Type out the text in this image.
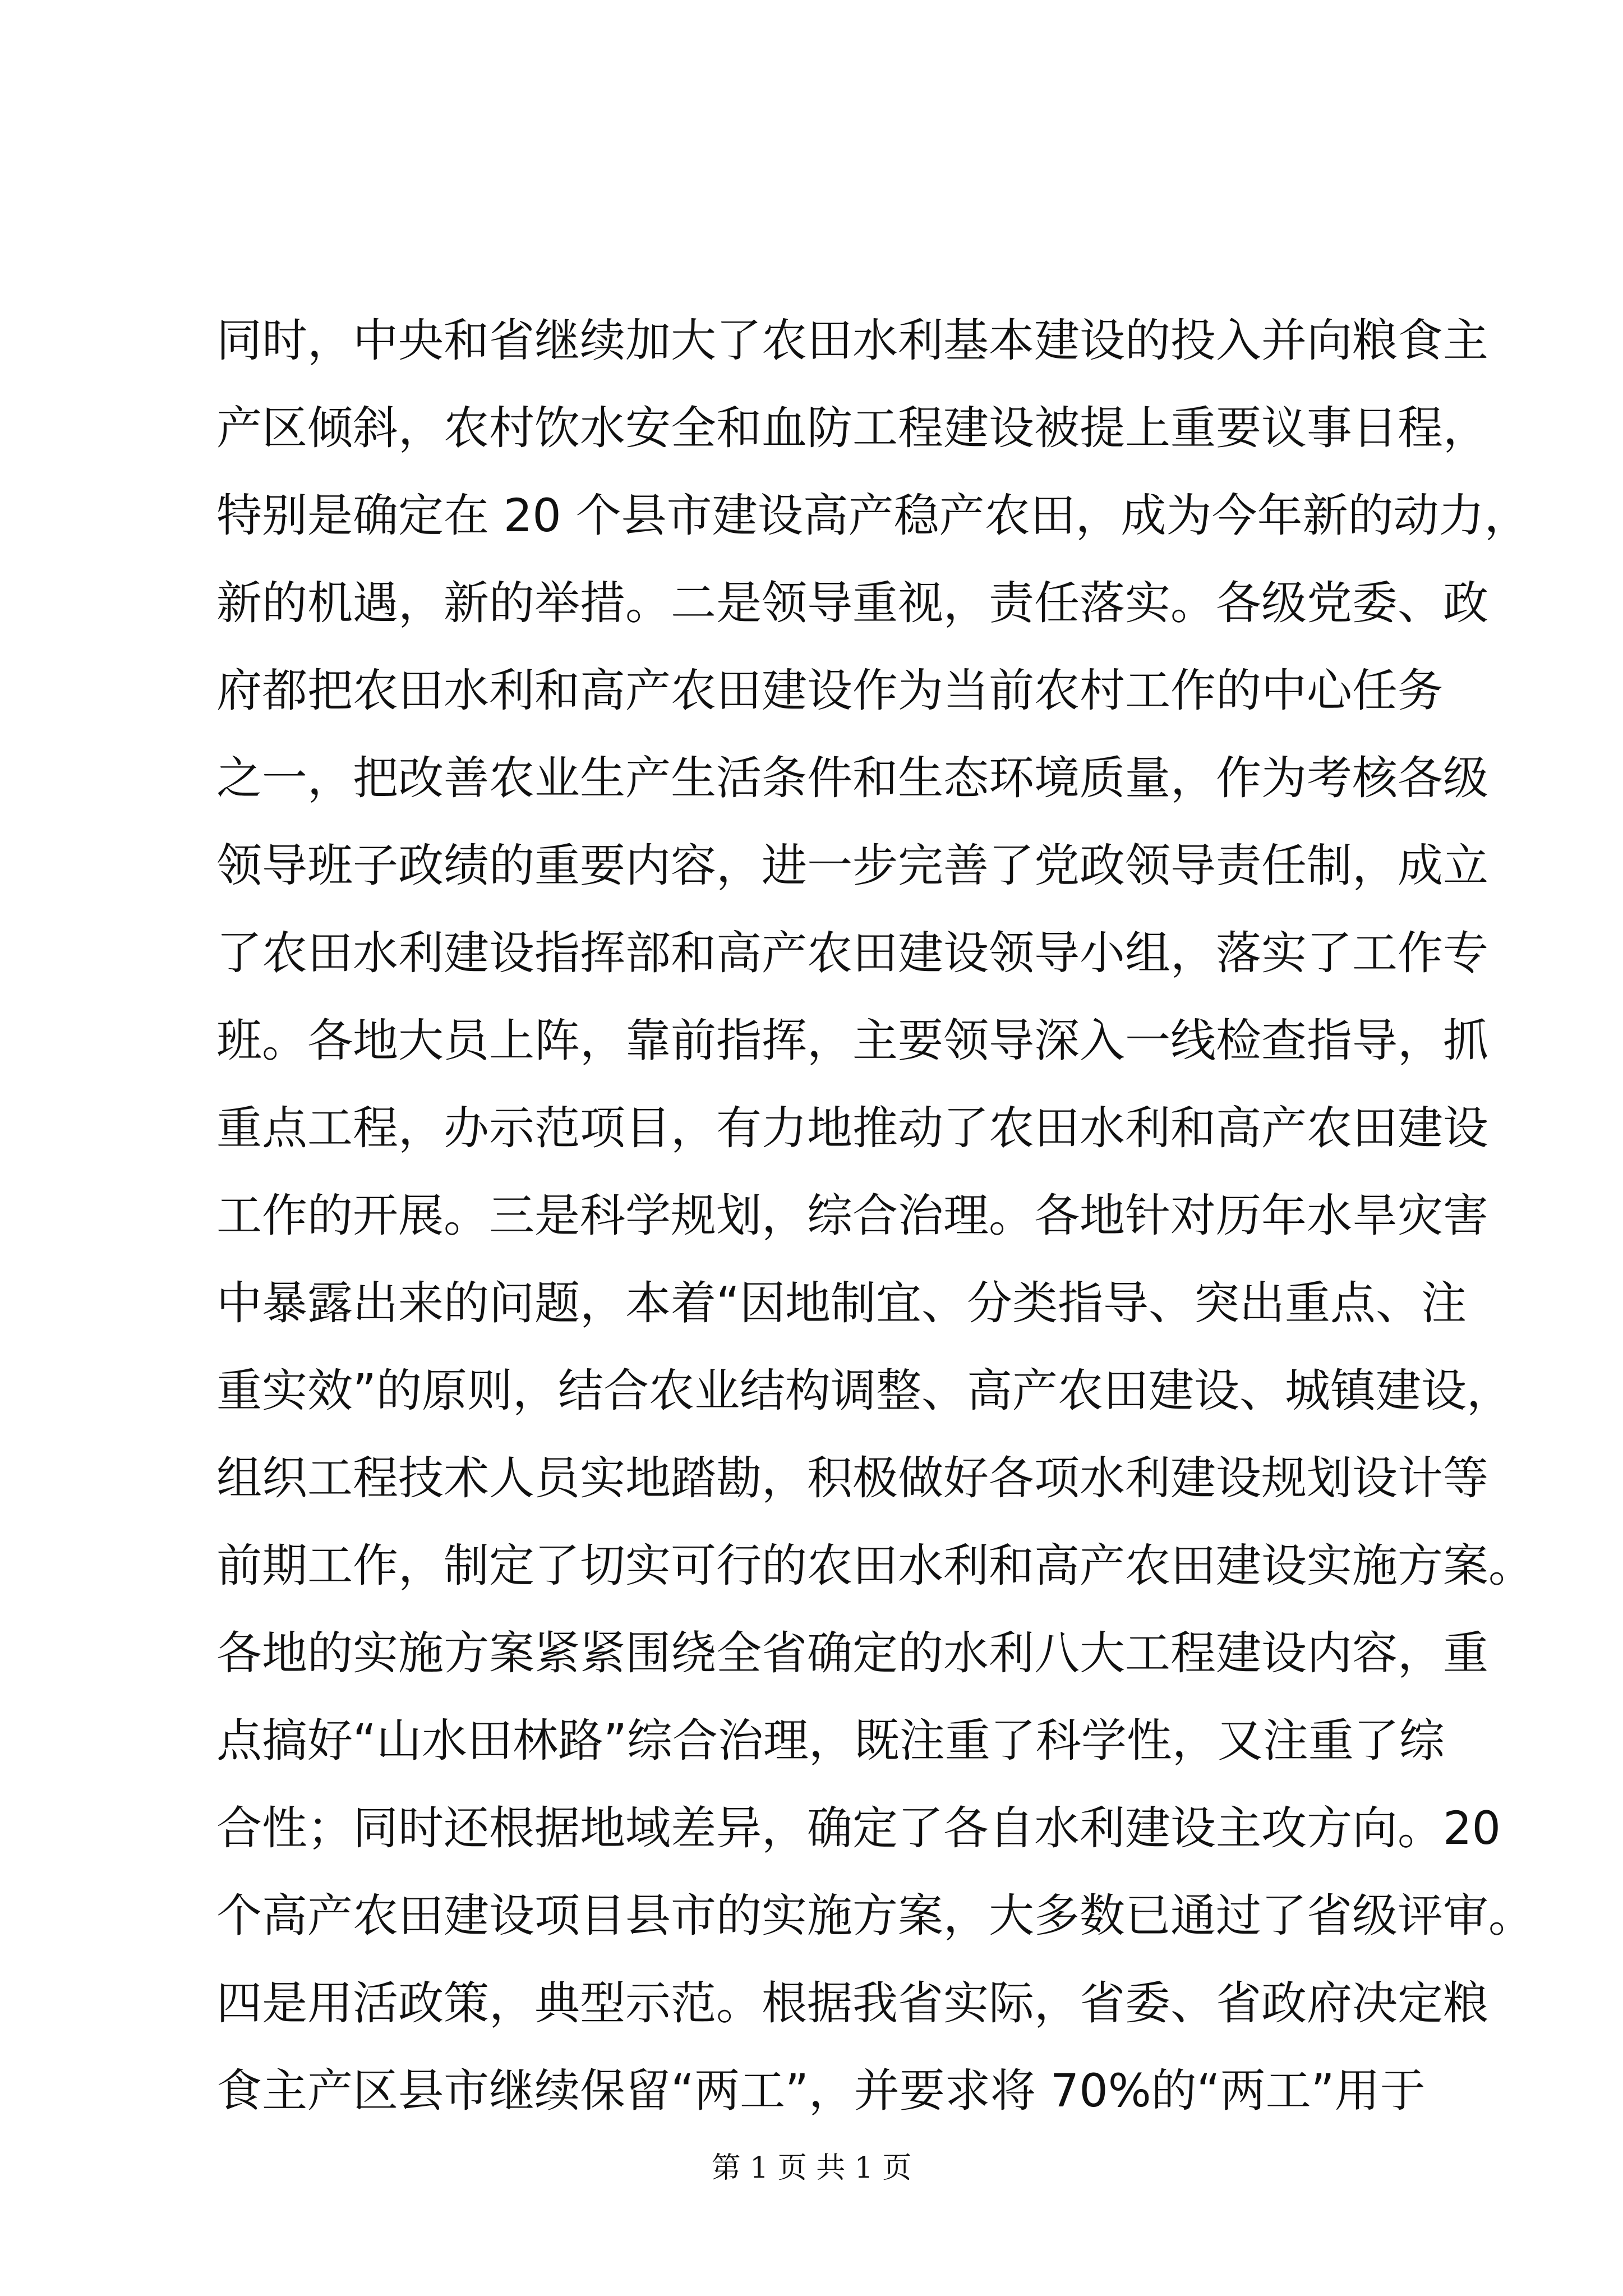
同时，中央和省继续加大了农田水利基本建设的投入并向粮食主
产区倾斜，农村饮水安全和血防工程建设被提上重要议事日程，
特别是确定在 20 个县市建设高产稳产农田，成为今年新的动力，
新的机遇，新的举措。二是领导重视，责任落实。各级党委、政
府都把农田水利和高产农田建设作为当前农村工作的中心任务
之一，把改善农业生产生活条件和生态环境质量，作为考核各级
领导班子政绩的重要内容，进一步完善了党政领导责任制，成立
了农田水利建设指挥部和高产农田建设领导小组，落实了工作专
班。各地大员上阵，靠前指挥，主要领导深入一线检查指导，抓
重点工程，办示范项目，有力地推动了农田水利和高产农田建设
工作的开展。三是科学规划，综合治理。各地针对历年水旱灾害
中暴露出来的问题，本着“因地制宜、分类指导、突出重点、注
重实效”的原则，结合农业结构调整、高产农田建设、城镇建设，
组织工程技术人员实地踏勘，积极做好各项水利建设规划设计等
前期工作，制定了切实可行的农田水利和高产农田建设实施方案。
各地的实施方案紧紧围绕全省确定的水利八大工程建设内容，重
点搞好“山水田林路”综合治理，既注重了科学性，又注重了综
合性；同时还根据地域差异，确定了各自水利建设主攻方向。20
个高产农田建设项目县市的实施方案，大多数已通过了省级评审。
四是用活政策，典型示范。根据我省实际，省委、省政府决定粮
食主产区县市继续保留“两工”，并要求将 70%的“两工”用于
第 1 页 共 1 页
